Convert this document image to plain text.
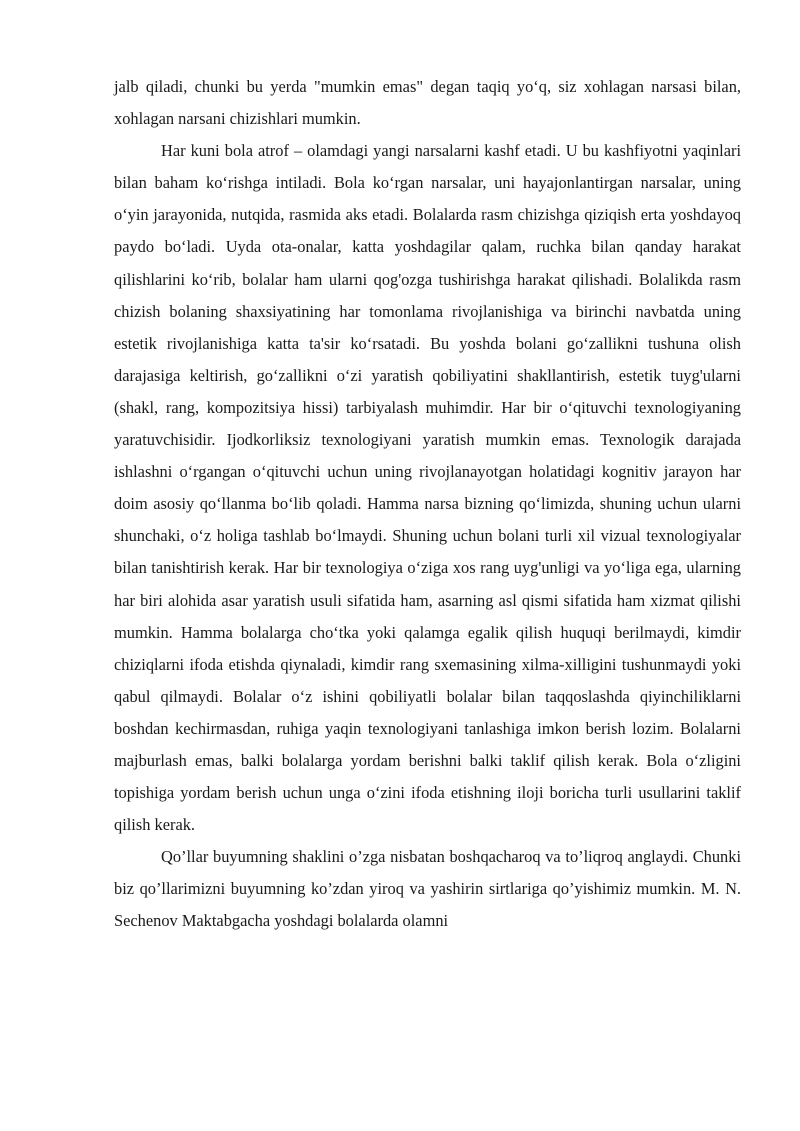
jalb qiladi, chunki bu yerda "mumkin emas" degan taqiq yo‘q, siz xohlagan narsasi bilan, xohlagan narsani chizishlari mumkin.

Har kuni bola atrof – olamdagi yangi narsalarni kashf etadi. U bu kashfiyotni yaqinlari bilan baham ko‘rishga intiladi. Bola ko‘rgan narsalar, uni hayajonlantirgan narsalar, uning o‘yin jarayonida, nutqida, rasmida aks etadi. Bolalarda rasm chizishga qiziqish erta yoshdayoq paydo bo‘ladi. Uyda ota-onalar, katta yoshdagilar qalam, ruchka bilan qanday harakat qilishlarini ko‘rib, bolalar ham ularni qog'ozga tushirishga harakat qilishadi. Bolalikda rasm chizish bolaning shaxsiyatining har tomonlama rivojlanishiga va birinchi navbatda uning estetik rivojlanishiga katta ta'sir ko‘rsatadi. Bu yoshda bolani go‘zallikni tushuna olish darajasiga keltirish, go‘zallikni o‘zi yaratish qobiliyatini shakllantirish, estetik tuyg'ularni (shakl, rang, kompozitsiya hissi) tarbiyalash muhimdir. Har bir o‘qituvchi texnologiyaning yaratuvchisidir. Ijodkorliksiz texnologiyani yaratish mumkin emas. Texnologik darajada ishlashni o‘rgangan o‘qituvchi uchun uning rivojlanayotgan holatidagi kognitiv jarayon har doim asosiy qo‘llanma bo‘lib qoladi. Hamma narsa bizning qo‘limizda, shuning uchun ularni shunchaki, o‘z holiga tashlab bo‘lmaydi. Shuning uchun bolani turli xil vizual texnologiyalar bilan tanishtirish kerak. Har bir texnologiya o‘ziga xos rang uyg'unligi va yo‘liga ega, ularning har biri alohida asar yaratish usuli sifatida ham, asarning asl qismi sifatida ham xizmat qilishi mumkin. Hamma bolalarga cho‘tka yoki qalamga egalik qilish huquqi berilmaydi, kimdir chiziqlarni ifoda etishda qiynaladi, kimdir rang sxemasining xilma-xilligini tushunmaydi yoki qabul qilmaydi. Bolalar o‘z ishini qobiliyatli bolalar bilan taqqoslashda qiyinchiliklarni boshdan kechirmasdan, ruhiga yaqin texnologiyani tanlashiga imkon berish lozim. Bolalarni majburlash emas, balki bolalarga yordam berishni balki taklif qilish kerak. Bola o‘zligini topishiga yordam berish uchun unga o‘zini ifoda etishning iloji boricha turli usullarini taklif qilish kerak.

Qo’llar buyumning shaklini o’zga nisbatan boshqacharoq va to’liqroq anglaydi. Chunki biz qo’llarimizni buyumning ko’zdan yiroq va yashirin sirtlariga qo’yishimiz mumkin. M. N. Sechenov Maktabgacha yoshdagi bolalarda olamni
